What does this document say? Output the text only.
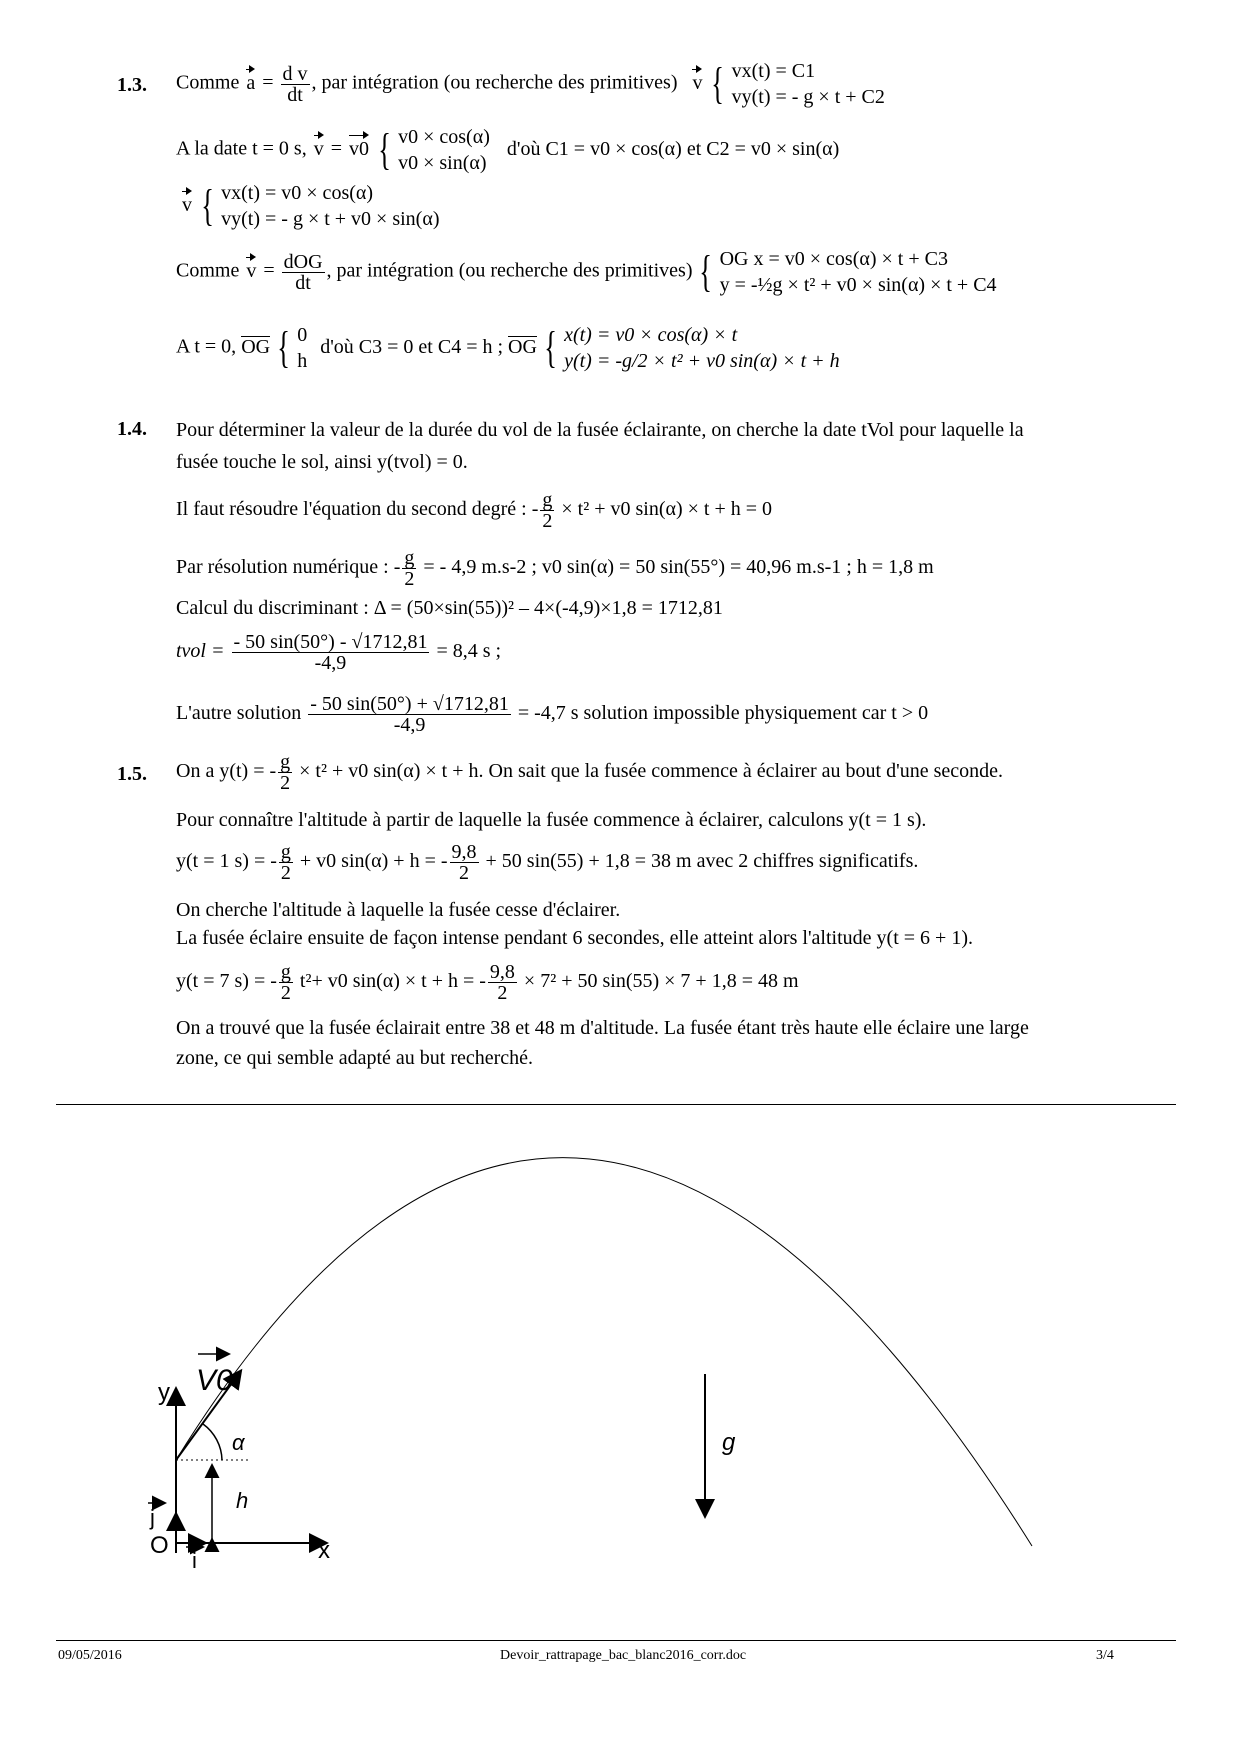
1.3. Comme $a = \frac{\text{d v}}{dt}$ , par intégration (ou recherche des primitives) v { vx(t) = C1
vy(t) = - g × t + C2
A la date t = 0 s, v = v0 { v0 × cos(α)
v0 × sin(α)
d'où C1 = v0 × cos(α) et C2 = v0 × sin(α)
v { vx(t) = v0 × cos(α)
vy(t) = - g × t + v0 × sin(α)
Comme $v = \frac{\text{dOG}}{dt}$ , par intégration (ou recherche des primitives) { OG x = v0 × cos(α) × t + C3
y = -½g × t² + v0 × sin(α) × t + C4
A t = 0, OG { 0
h
d'où C3 = 0 et C4 = h ; OG { x(t) = v0 × cos(α) × t
y(t) = -g/2 × t² + v0 sin(α) × t + h
1.4. Pour déterminer la valeur de la durée du vol de la fusée éclairante, on cherche la date tVol pour laquelle la
fusée touche le sol, ainsi y(tvol) = 0.
Il faut résoudre l'équation du second degré : - $\frac{g}{2} \times t^2 + v0$ sin(α) × t + h = 0
Par résolution numérique : - $\frac{g}{2}$ = - 4,9 m.s-2 ; v0 sin(α) = 50 sin(55°) = 40,96 m.s-1 ; h = 1,8 m
Calcul du discriminant : Δ = (50×sin(55))² – 4×(-4,9)×1,8 = 1712,81
tvol = $\frac{- 50 \sin(50^\circ) - √1712,81}{-4,9} = 8,4$ s ;
L'autre solution $\frac{- 50 \sin(50^\circ) + √1712,81}{-4,9} = -4,7$ s solution impossible physiquement car t > 0
1.5. On a y(t) = - $\frac{g}{2} \times t^2 + v0$ sin(α) × t + h. On sait que la fusée commence à éclairer au bout d'une seconde.
Pour connaître l'altitude à partir de laquelle la fusée commence à éclairer, calculons y(t = 1 s).
y(t = 1 s) = - $\frac{g}{2} + v0$ sin(α) + h = - $\frac{9,8}{2} + 50$ sin(55) + 1,8 = 38 m avec 2 chiffres significatifs.
On cherche l'altitude à laquelle la fusée cesse d'éclairer.
La fusée éclaire ensuite de façon intense pendant 6 secondes, elle atteint alors l'altitude y(t = 6 + 1).
y(t = 7 s) = - $\frac{g}{2} t^2+ v0$ sin(α) × t + h = - $\frac{9,8}{2} \times 7^2 + 50$ sin(55) × 7 + 1,8 = 48 m
On a trouvé que la fusée éclairait entre 38 et 48 m d'altitude. La fusée étant très haute elle éclaire une large
zone, ce qui semble adapté au but recherché.
y V0
α
h
j
O
i	x
g
09/05/2016	Devoir_rattrapage_bac_blanc2016_corr.doc	3/4
